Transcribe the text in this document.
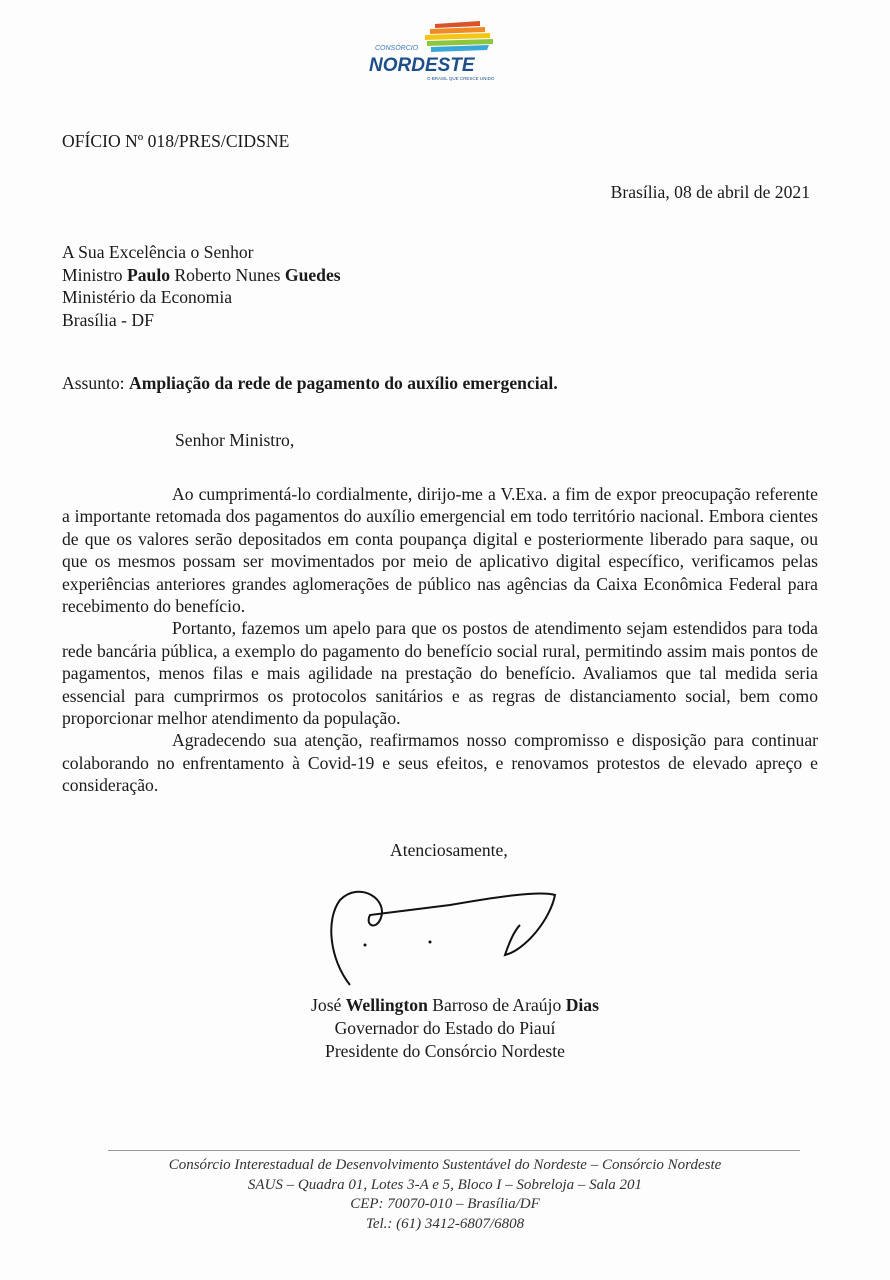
CONSÓRCIO
NORDESTE
O BRASIL QUE CRESCE UNIDO
OFÍCIO Nº 018/PRES/CIDSNE
Brasília, 08 de abril de 2021
A Sua Excelência o Senhor
Ministro Paulo Roberto Nunes Guedes
Ministério da Economia
Brasília - DF
Assunto: Ampliação da rede de pagamento do auxílio emergencial.
Senhor Ministro,

Ao cumprimentá-lo cordialmente, dirijo-me a V.Exa. a fim de expor preocupação referente a importante retomada dos pagamentos do auxílio emergencial em todo território nacional. Embora cientes de que os valores serão depositados em conta poupança digital e posteriormente liberado para saque, ou que os mesmos possam ser movimentados por meio de aplicativo digital específico, verificamos pelas experiências anteriores grandes aglomerações de público nas agências da Caixa Econômica Federal para recebimento do benefício.

Portanto, fazemos um apelo para que os postos de atendimento sejam estendidos para toda rede bancária pública, a exemplo do pagamento do benefício social rural, permitindo assim mais pontos de pagamentos, menos filas e mais agilidade na prestação do benefício. Avaliamos que tal medida seria essencial para cumprirmos os protocolos sanitários e as regras de distanciamento social, bem como proporcionar melhor atendimento da população.

Agradecendo sua atenção, reafirmamos nosso compromisso e disposição para continuar colaborando no enfrentamento à Covid-19 e seus efeitos, e renovamos protestos de elevado apreço e consideração.

Atenciosamente,
José Wellington Barroso de Araújo Dias
Governador do Estado do Piauí
Presidente do Consórcio Nordeste
Consórcio Interestadual de Desenvolvimento Sustentável do Nordeste – Consórcio Nordeste
SAUS – Quadra 01, Lotes 3-A e 5, Bloco I – Sobreloja – Sala 201
CEP: 70070-010 – Brasília/DF
Tel.: (61) 3412-6807/6808
